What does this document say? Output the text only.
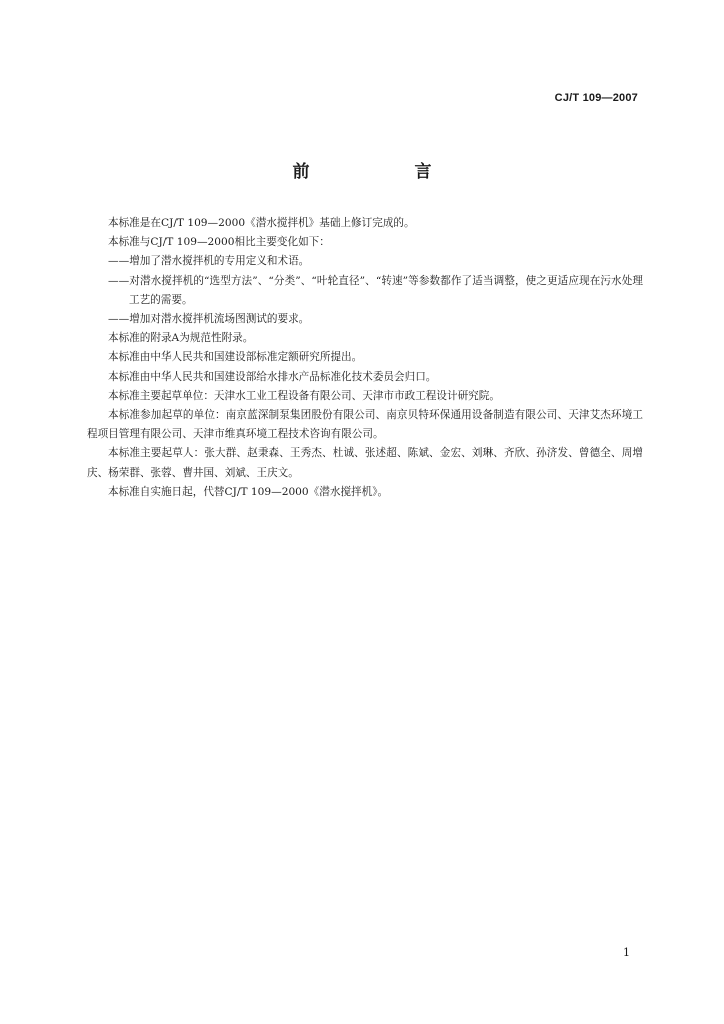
CJ/T 109—2007
前　言

本标准是在CJ/T 109—2000《潜水搅拌机》基础上修订完成的。

本标准与CJ/T 109—2000相比主要变化如下：

——增加了潜水搅拌机的专用定义和术语。

——对潜水搅拌机的“选型方法”、“分类”、“叶轮直径”、“转速”等参数都作了适当调整，使之更适应现在污水处理工艺的需要。

——增加对潜水搅拌机流场图测试的要求。

本标准的附录A为规范性附录。

本标准由中华人民共和国建设部标准定额研究所提出。

本标准由中华人民共和国建设部给水排水产品标准化技术委员会归口。

本标准主要起草单位：天津水工业工程设备有限公司、天津市市政工程设计研究院。

本标准参加起草的单位：南京蓝深制泵集团股份有限公司、南京贝特环保通用设备制造有限公司、天津艾杰环境工程项目管理有限公司、天津市维真环境工程技术咨询有限公司。

本标准主要起草人：张大群、赵秉森、王秀杰、杜诚、张述超、陈斌、金宏、刘琳、齐欣、孙济发、曾德全、周增庆、杨荣群、张蓉、曹井国、刘斌、王庆文。

本标准自实施日起，代替CJ/T 109—2000《潜水搅拌机》。

1
